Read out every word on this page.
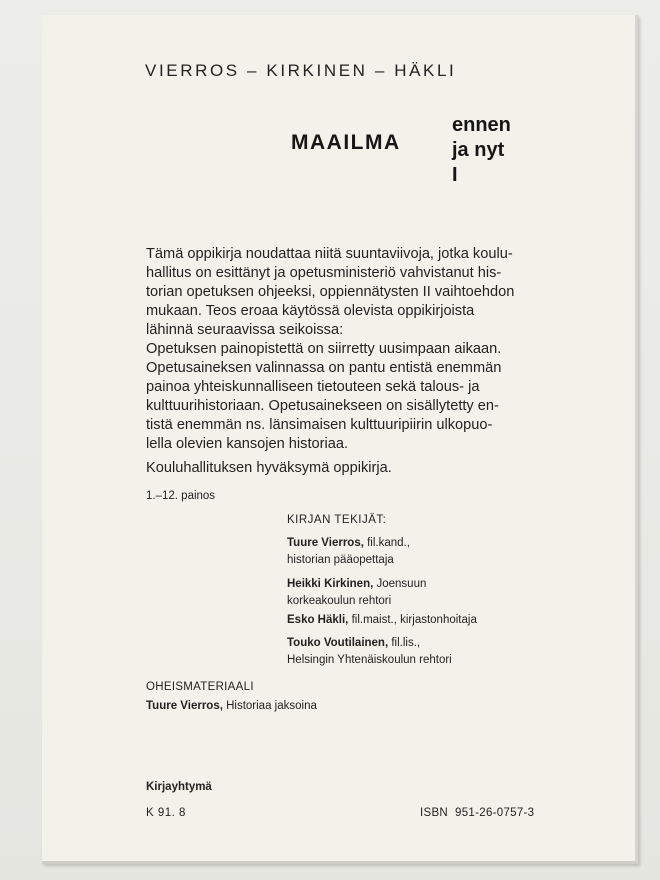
VIERROS – KIRKINEN – HÄKLI
MAAILMA
ennen
ja nyt
I

Tämä oppikirja noudattaa niitä suuntaviivoja, jotka koulu-

hallitus on esittänyt ja opetusministeriö vahvistanut his-

torian opetuksen ohjeeksi, oppiennätysten II vaihtoehdon

mukaan. Teos eroaa käytössä olevista oppikirjoista

lähinnä seuraavissa seikoissa:

Opetuksen painopistettä on siirretty uusimpaan aikaan.

Opetusaineksen valinnassa on pantu entistä enemmän

painoa yhteiskunnalliseen tietouteen sekä talous- ja

kulttuurihistoriaan. Opetusainekseen on sisällytetty en-

tistä enemmän ns. länsimaisen kulttuuripiirin ulkopuo-

lella olevien kansojen historiaa.

Kouluhallituksen hyväksymä oppikirja.
1.–12. painos
KIRJAN TEKIJÄT:
Tuure Vierros, fil.kand.,
historian pääopettaja
Heikki Kirkinen, Joensuun
korkeakoulun rehtori
Esko Häkli, fil.maist., kirjastonhoitaja
Touko Voutilainen, fil.lis.,
Helsingin Yhtenäiskoulun rehtori
OHEISMATERIAALI
Tuure Vierros, Historiaa jaksoina
Kirjayhtymä
K 91. 8	ISBN  951-26-0757-3
